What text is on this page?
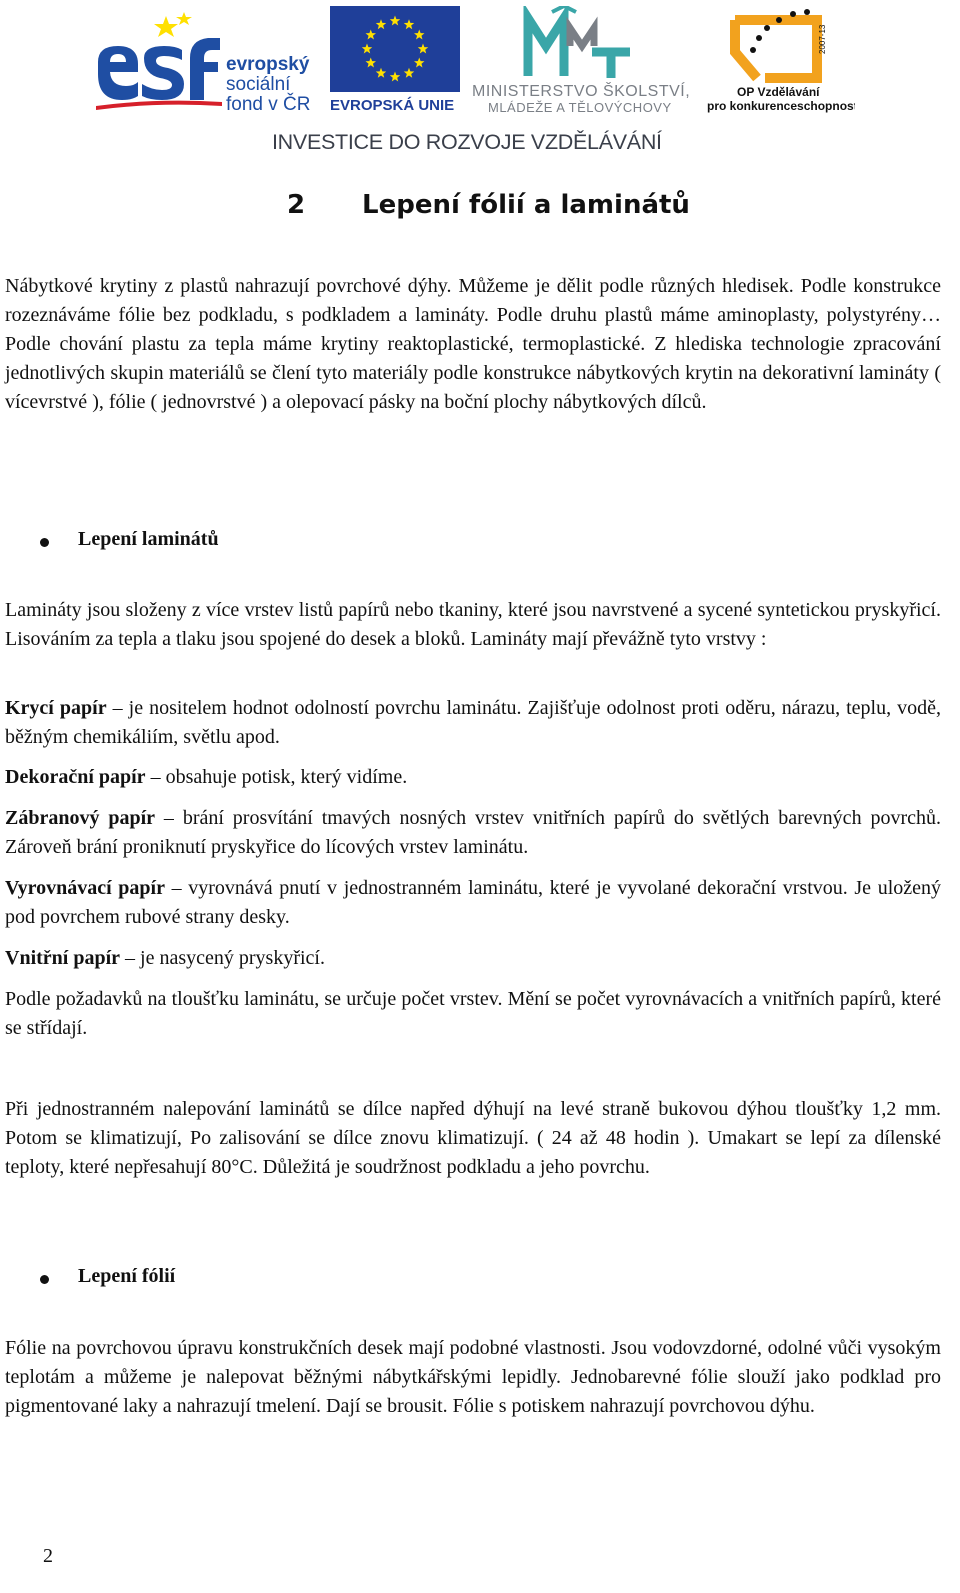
evropský
sociální
fond v ČR EVROPSKÁ UNIE
MINISTERSTVO ŠKOLSTVÍ,
MLÁDEŽE A TĚLOVÝCHOVY
2007-13
OP Vzdělávání
pro konkurenceschopnost
INVESTICE DO ROZVOJE VZDĚLÁVÁNÍ
2 Lepení fólií a laminátů
Nábytkové krytiny z plastů nahrazují povrchové dýhy. Můžeme je dělit podle různých hledisek. Podle konstrukce rozeznáváme fólie bez podkladu, s podkladem a lamináty. Podle druhu plastů máme aminoplasty, polystyrény…Podle chování plastu za tepla máme krytiny reaktoplastické, termoplastické. Z hlediska technologie zpracování jednotlivých skupin materiálů se člení tyto materiály podle konstrukce nábytkových krytin na dekorativní lamináty ( vícevrstvé ), fólie ( jednovrstvé ) a olepovací pásky na boční plochy nábytkových dílců.
Lepení laminátů
Lamináty jsou složeny z více vrstev listů papírů nebo tkaniny, které jsou navrstvené a sycené syntetickou pryskyřicí. Lisováním za tepla a tlaku jsou spojené do desek a bloků. Lamináty mají převážně tyto vrstvy :
Krycí papír – je nositelem hodnot odolností povrchu laminátu. Zajišťuje odolnost proti oděru, nárazu, teplu, vodě, běžným chemikáliím, světlu apod.
Dekorační papír – obsahuje potisk, který vidíme.
Zábranový papír – brání prosvítání tmavých nosných vrstev vnitřních papírů do světlých barevných povrchů. Zároveň brání proniknutí pryskyřice do lícových vrstev laminátu.
Vyrovnávací papír – vyrovnává pnutí v jednostranném laminátu, které je vyvolané dekorační vrstvou. Je uložený pod povrchem rubové strany desky.
Vnitřní papír – je nasycený pryskyřicí.
Podle požadavků na tloušťku laminátu, se určuje počet vrstev. Mění se počet vyrovnávacích a vnitřních papírů, které se střídají.
Při jednostranném nalepování laminátů se dílce napřed dýhují na levé straně bukovou dýhou tloušťky 1,2 mm. Potom se klimatizují, Po zalisování se dílce znovu klimatizují. ( 24 až 48 hodin ). Umakart se lepí za dílenské teploty, které nepřesahují 80°C. Důležitá je soudržnost podkladu a jeho povrchu.
Lepení fólií
Fólie na povrchovou úpravu konstrukčních desek mají podobné vlastnosti. Jsou vodovzdorné, odolné vůči vysokým teplotám a můžeme je nalepovat běžnými nábytkářskými lepidly. Jednobarevné fólie slouží jako podklad pro pigmentované laky a nahrazují tmelení. Dají se brousit. Fólie s potiskem nahrazují povrchovou dýhu.
2
